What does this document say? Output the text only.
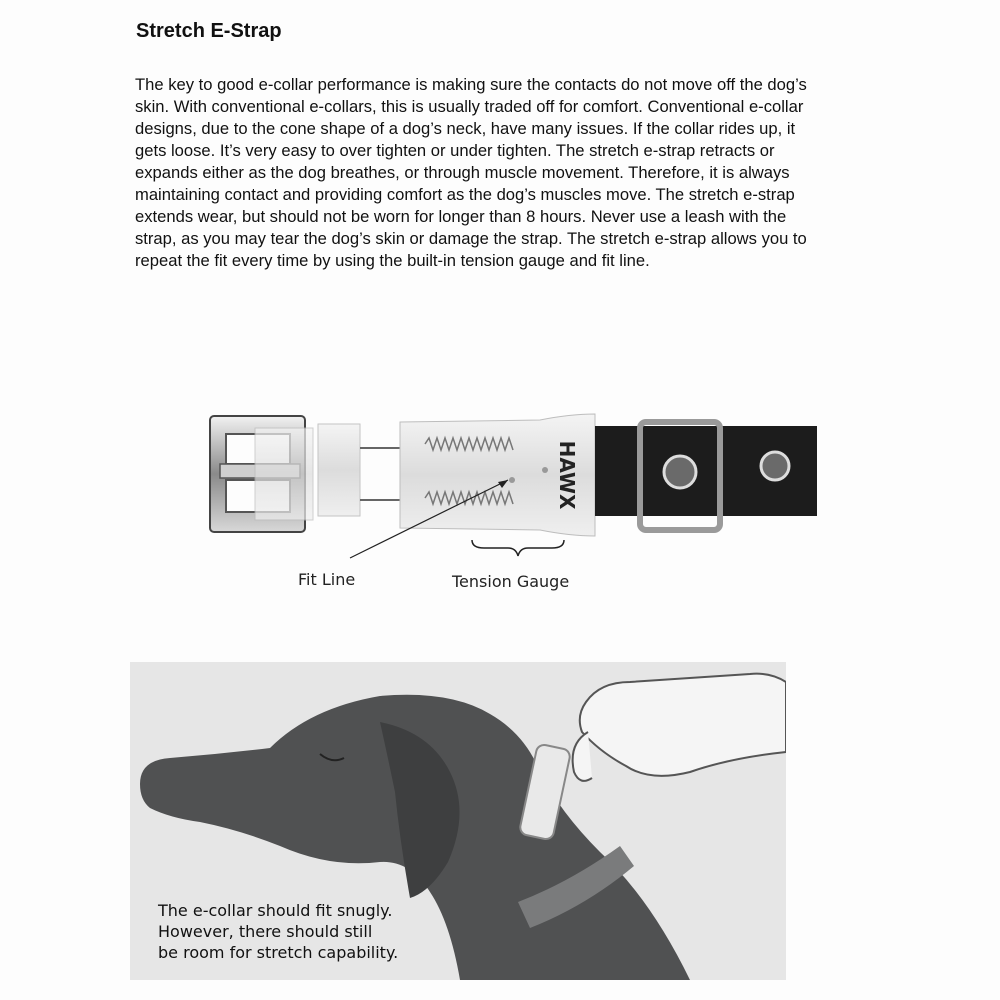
Stretch E-Strap

The key to good e-collar performance is making sure the contacts do not move off the dog’s skin. With conventional e-collars, this is usually traded off for comfort. Conventional e-collar designs, due to the cone shape of a dog’s neck, have many issues. If the collar rides up, it gets loose. It’s very easy to over tighten or under tighten. The stretch e-strap retracts or expands either as the dog breathes, or through muscle movement. Therefore, it is always maintaining contact and providing comfort as the dog’s muscles move. The stretch e-strap extends wear, but should not be worn for longer than 8 hours. Never use a leash with the strap, as you may tear the dog’s skin or damage the strap. The stretch e-strap allows you to repeat the fit every time by using the built-in tension gauge and fit line.

HAWX
Fit Line	Tension Gauge
The e-collar should fit snugly.
However, there should still
be room for stretch capability.
